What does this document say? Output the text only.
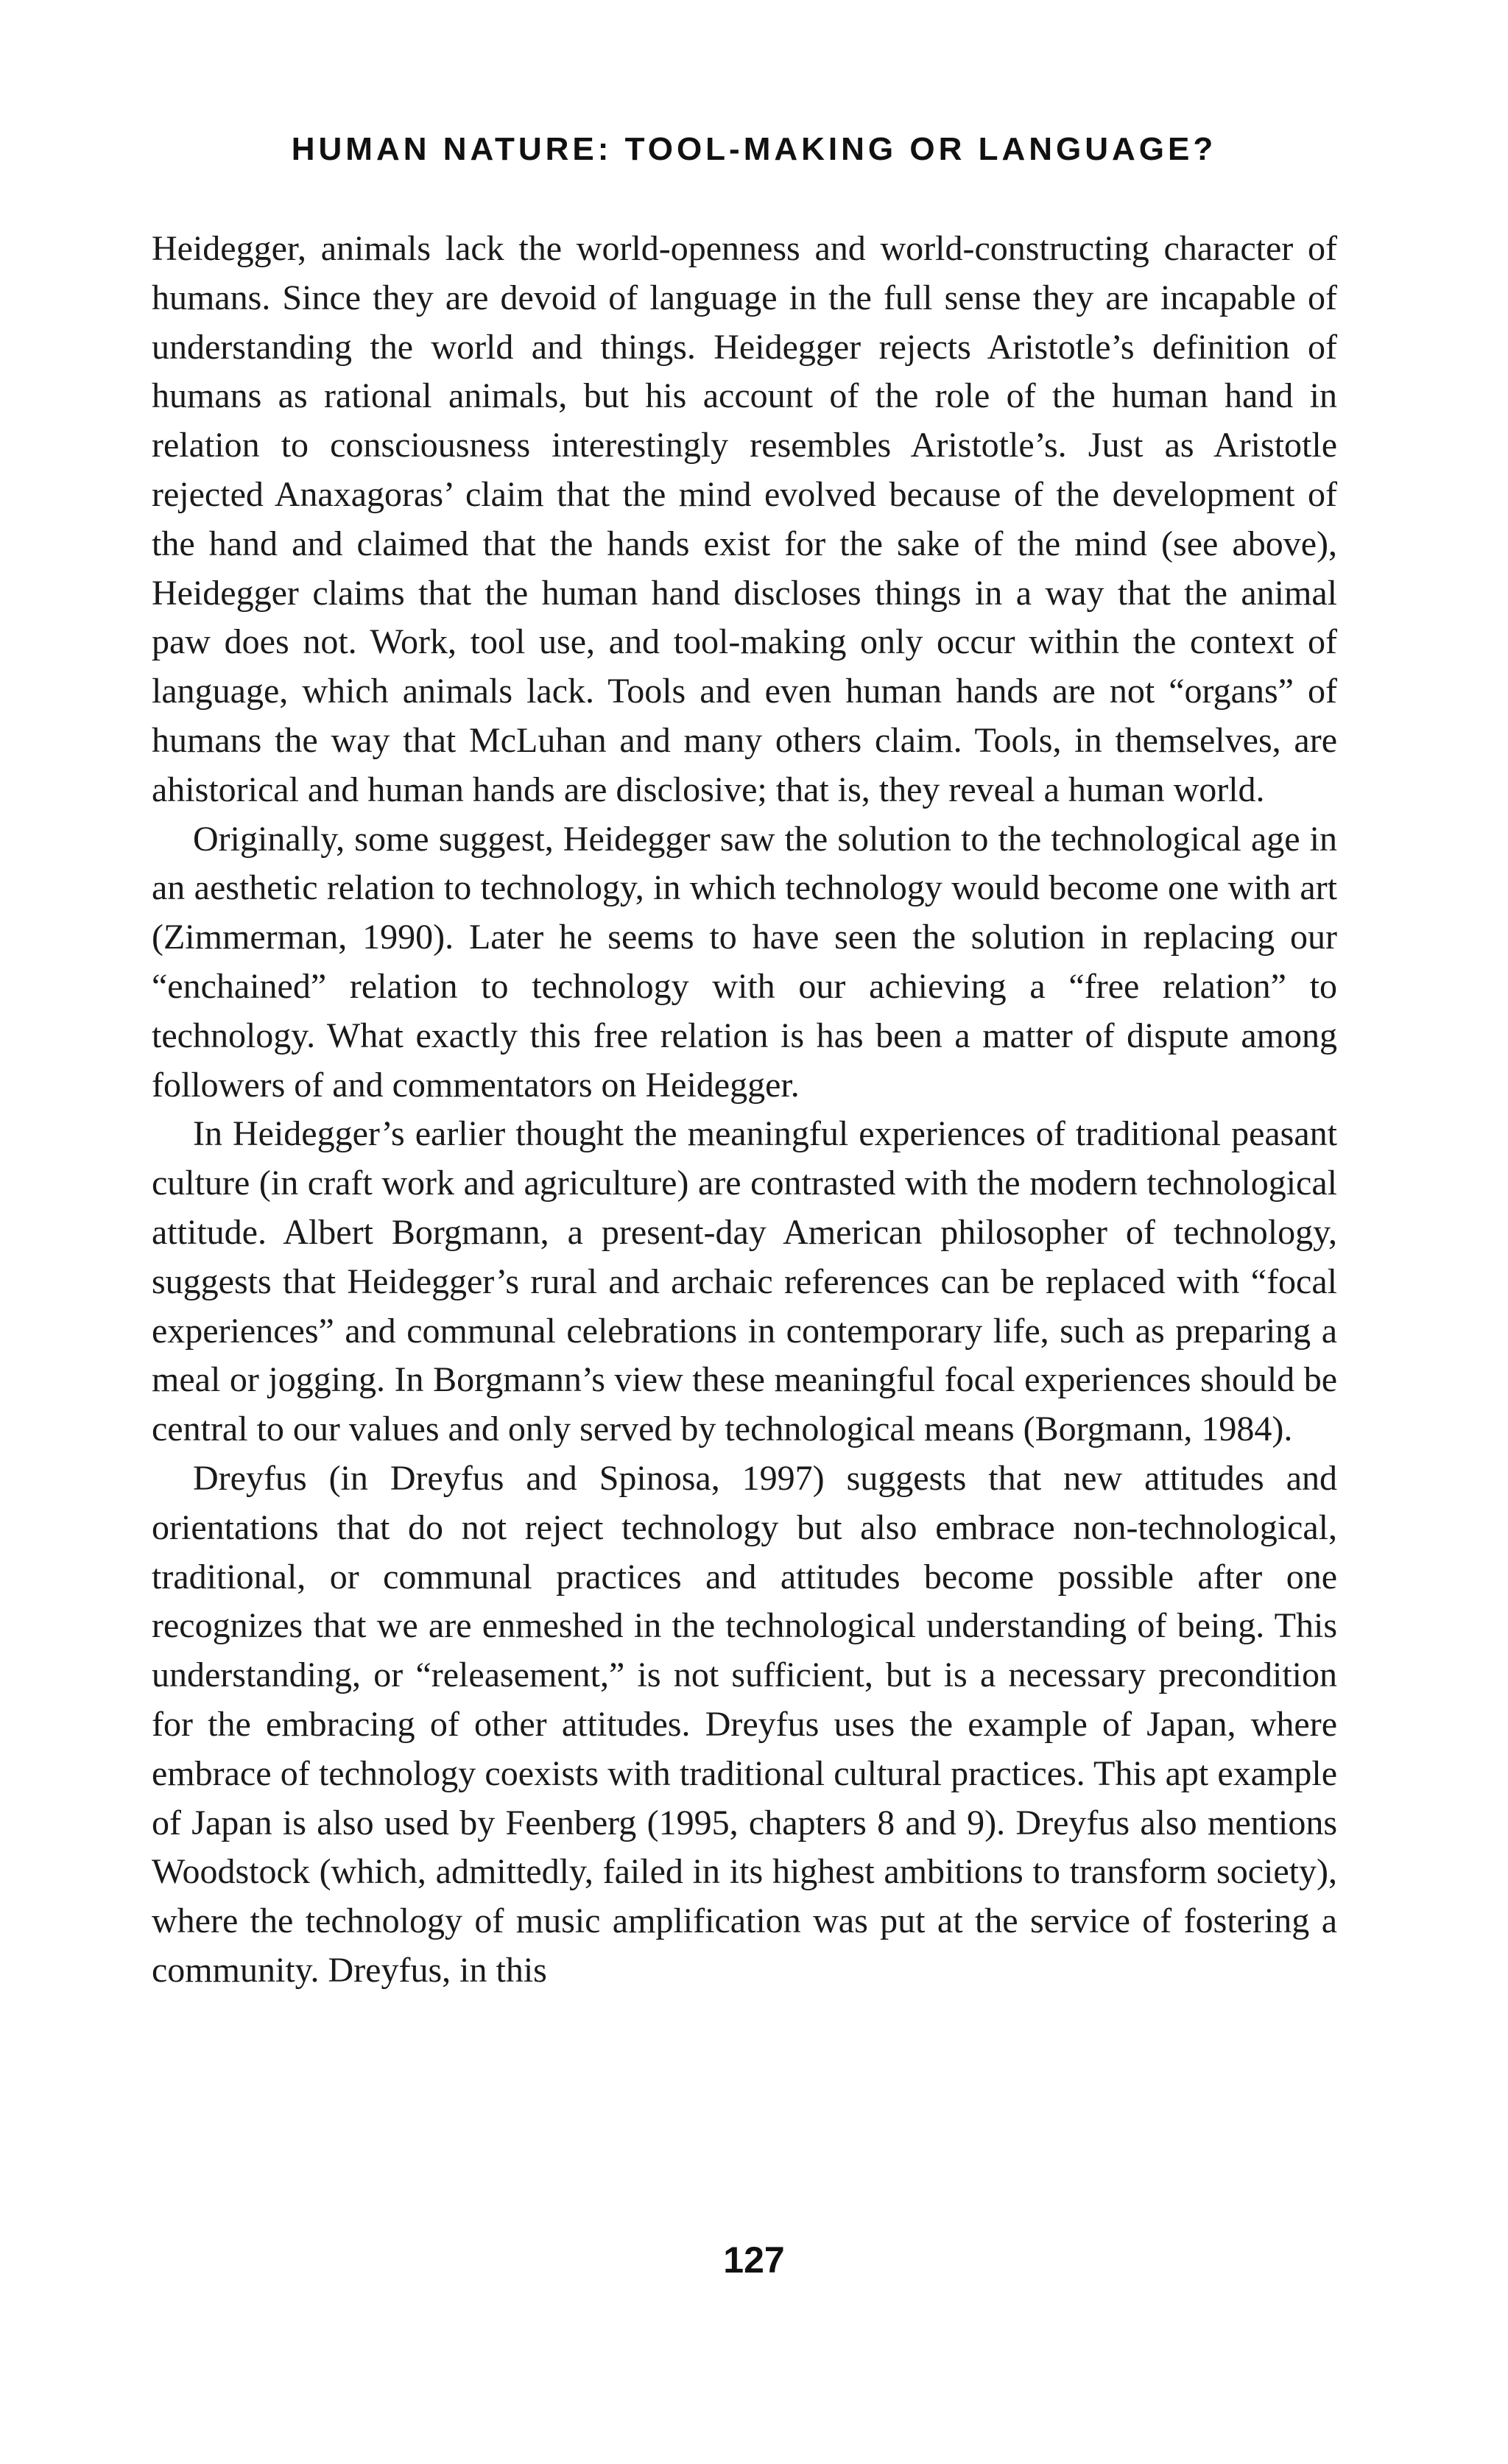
HUMAN NATURE: TOOL-MAKING OR LANGUAGE?

Heidegger, animals lack the world-openness and world-constructing character of humans. Since they are devoid of language in the full sense they are incapable of understanding the world and things. Heidegger rejects Aristotle’s definition of humans as rational animals, but his account of the role of the human hand in relation to consciousness interestingly resembles Aristotle’s. Just as Aristotle rejected Anaxagoras’ claim that the mind evolved because of the development of the hand and claimed that the hands exist for the sake of the mind (see above), Heidegger claims that the human hand discloses things in a way that the animal paw does not. Work, tool use, and tool-making only occur within the context of language, which animals lack. Tools and even human hands are not “organs” of humans the way that McLuhan and many others claim. Tools, in themselves, are ahistorical and human hands are disclosive; that is, they reveal a human world.

Originally, some suggest, Heidegger saw the solution to the technological age in an aesthetic relation to technology, in which technology would become one with art (Zimmerman, 1990). Later he seems to have seen the solution in replacing our “enchained” relation to technology with our achieving a “free relation” to technology. What exactly this free relation is has been a matter of dispute among followers of and commentators on Heidegger.

In Heidegger’s earlier thought the meaningful experiences of traditional peasant culture (in craft work and agriculture) are contrasted with the modern technological attitude. Albert Borgmann, a present-day American philosopher of technology, suggests that Heidegger’s rural and archaic references can be replaced with “focal experiences” and communal celebrations in contemporary life, such as preparing a meal or jogging. In Borgmann’s view these meaningful focal experiences should be central to our values and only served by technological means (Borgmann, 1984).

Dreyfus (in Dreyfus and Spinosa, 1997) suggests that new attitudes and orientations that do not reject technology but also embrace non-technological, traditional, or communal practices and attitudes become possible after one recognizes that we are enmeshed in the technological understanding of being. This understanding, or “releasement,” is not sufficient, but is a necessary precondition for the embracing of other attitudes. Dreyfus uses the example of Japan, where embrace of technology coexists with traditional cultural practices. This apt example of Japan is also used by Feenberg (1995, chapters 8 and 9). Dreyfus also mentions Woodstock (which, admittedly, failed in its highest ambitions to transform society), where the technology of music amplification was put at the service of fostering a community. Dreyfus, in this

127
